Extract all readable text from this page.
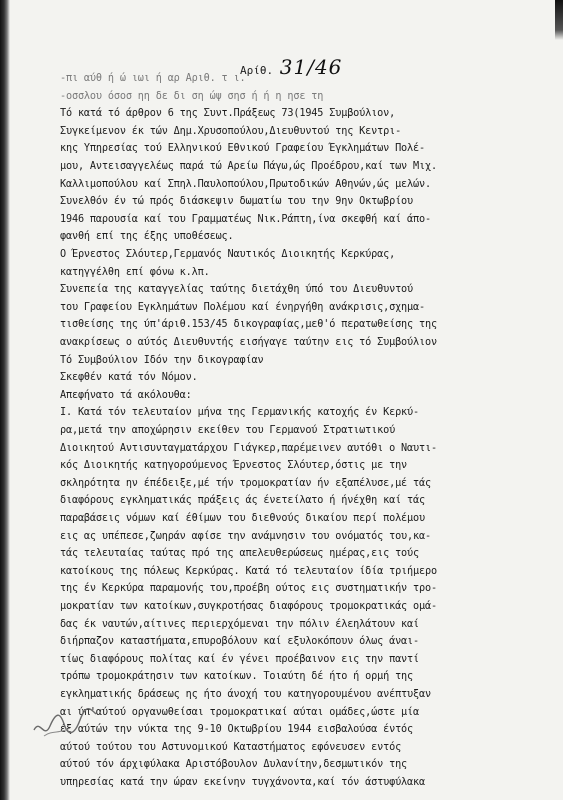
Αρίθ. 31/46
-πι αύθ ή ώ ιωι ή αρ Αριθ. τ ι.
-οσσλου όσοσ ηη δε δι ση ώψ σησ ή ή η ησε τη
Τό κατά τό άρθρον 6 της Συντ.Πράξεως 73(1945 Συμβούλιον,
Συγκείμενον έκ τών Δημ.Χρυσοπούλου,Διευθυντού της Κεντρι-
κης Υπηρεσίας τού Ελληνικού Εθνικού Γραφείου Έγκλημάτων Πολέ-
μου, Αντεισαγγελέως παρά τώ Αρείω Πάγω,ώς Προέδρου,καί των Μιχ.
Καλλιμοπούλου καί Σπηλ.Παυλοπούλου,Πρωτοδικών Αθηνών,ώς μελών.
Συνελθόν έν τώ πρός διάσκεψιν δωματίω του την 9ην Οκτωβρίου
1946 παρουσία καί του Γραμματέως Νικ.Ράπτη,ίνα σκεφθή καί άπο-
φανθή επί της έξης υποθέσεως.
Ο Έρνεστος Σλόυτερ,Γερμανός Ναυτικός Διοικητής Κερκύρας,
κατηγγέλθη επί φόνω κ.λπ.
Συνεπεία της καταγγελίας ταύτης διετάχθη ύπό του Διευθυντού
του Γραφείου Εγκλημάτων Πολέμου καί ένηργήθη ανάκρισις,σχημα-
τισθείσης της ύπ'άριθ.153/45 δικογραφίας,μεθ'ό περατωθείσης της
ανακρίσεως ο αύτός Διευθυντής εισήγαγε ταύτην εις τό Συμβούλιον
Τό Συμβούλιον Ιδόν την δικογραφίαν
Σκεφθέν κατά τόν Νόμον.
Απεφήνατο τά ακόλουθα:
Ι. Κατά τόν τελευταίον μήνα της Γερμανικής κατοχής έν Κερκύ-
ρα,μετά την αποχώρησιν εκείθεν του Γερμανού Στρατιωτικού
Διοικητού Αντισυνταγματάρχου Γιάγκερ,παρέμεινεν αυτόθι ο Ναυτι-
κός Διοικητής κατηγορούμενος Έρνεστος Σλόυτερ,όστις με την
σκληρότητα ην έπέδειξε,μέ τήν τρομοκρατίαν ήν εξαπέλυσε,μέ τάς
διαφόρους εγκληματικάς πράξεις άς ένετείλατο ή ήνέχθη καί τάς
παραβάσεις νόμων καί έθίμων του διεθνούς δικαίου περί πολέμου
εις ας υπέπεσε,ζωηράν αφίσε την ανάμνησιν του ονόματός του,κα-
τάς τελευταίας ταύτας πρό της απελευθερώσεως ημέρας,εις τούς
κατοίκους της πόλεως Κερκύρας. Κατά τό τελευταίον ίδία τριήμερο
της έν Κερκύρα παραμονής του,προέβη ούτος εις συστηματικήν τρο-
μοκρατίαν των κατοίκων,συγκροτήσας διαφόρους τρομοκρατικάς ομά-
δας έκ ναυτών,αίτινες περιερχόμεναι την πόλιν έλεηλάτουν καί
διήρπαζον καταστήματα,επυροβόλουν καί εξυλοκόπουν όλως άναι-
τίως διαφόρους πολίτας καί έν γένει προέβαινον εις την παντί
τρόπω τρομοκράτησιν των κατοίκων. Τοιαύτη δέ ήτο ή ορμή της
εγκληματικής δράσεως ης ήτο άνοχή του κατηγορουμένου ανέπτυξαν
αι ύπ'αύτού οργανωθείσαι τρομοκρατικαί αύται ομάδες,ώστε μία
έξ αύτών την νύκτα της 9-10 Οκτωβρίου 1944 εισβαλούσα έντός
αύτού τούτου του Αστυνομικού Καταστήματος εφόνευσεν εντός
αύτού τόν άρχιφύλακα Αριστόβουλον Δυλανίτην,δεσμωτικόν της
υπηρεσίας κατά την ώραν εκείνην τυγχάνοντα,καί τόν άστυφύλακα
